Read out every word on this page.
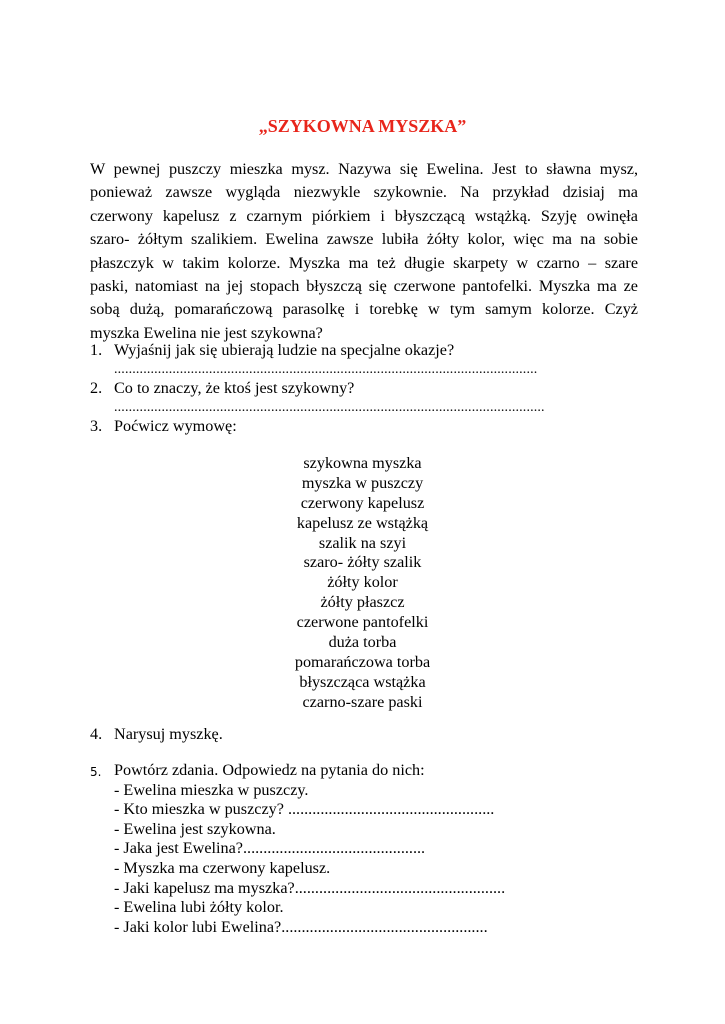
„SZYKOWNA MYSZKA”
W pewnej puszczy mieszka mysz. Nazywa się Ewelina. Jest to sławna mysz,
ponieważ zawsze wygląda niezwykle szykownie. Na przykład dzisiaj ma
czerwony kapelusz z czarnym piórkiem i błyszczącą wstążką. Szyję owinęła
szaro- żółtym szalikiem. Ewelina zawsze lubiła żółty kolor, więc ma na sobie
płaszczyk w takim kolorze. Myszka ma też długie skarpety w czarno – szare
paski, natomiast na jej stopach błyszczą się czerwone pantofelki. Myszka ma ze
sobą dużą, pomarańczową parasolkę i torebkę w tym samym kolorze. Czyż
myszka Ewelina nie jest szykowna?
1. Wyjaśnij jak się ubierają ludzie na specjalne okazje?
....................................................................................................................
2. Co to znaczy, że ktoś jest szykowny?
......................................................................................................................
3. Poćwicz wymowę:
szykowna myszka
myszka w puszczy
czerwony kapelusz
kapelusz ze wstążką
szalik na szyi
szaro- żółty szalik
żółty kolor
żółty płaszcz
czerwone pantofelki
duża torba
pomarańczowa torba
błyszcząca wstążka
czarno-szare paski
4. Narysuj myszkę.
5. Powtórz zdania. Odpowiedz na pytania do nich:
- Ewelina mieszka w puszczy.
- Kto mieszka w puszczy? ...................................................
- Ewelina jest szykowna.
- Jaka jest Ewelina?.............................................
- Myszka ma czerwony kapelusz.
- Jaki kapelusz ma myszka?....................................................
- Ewelina lubi żółty kolor.
- Jaki kolor lubi Ewelina?...................................................
